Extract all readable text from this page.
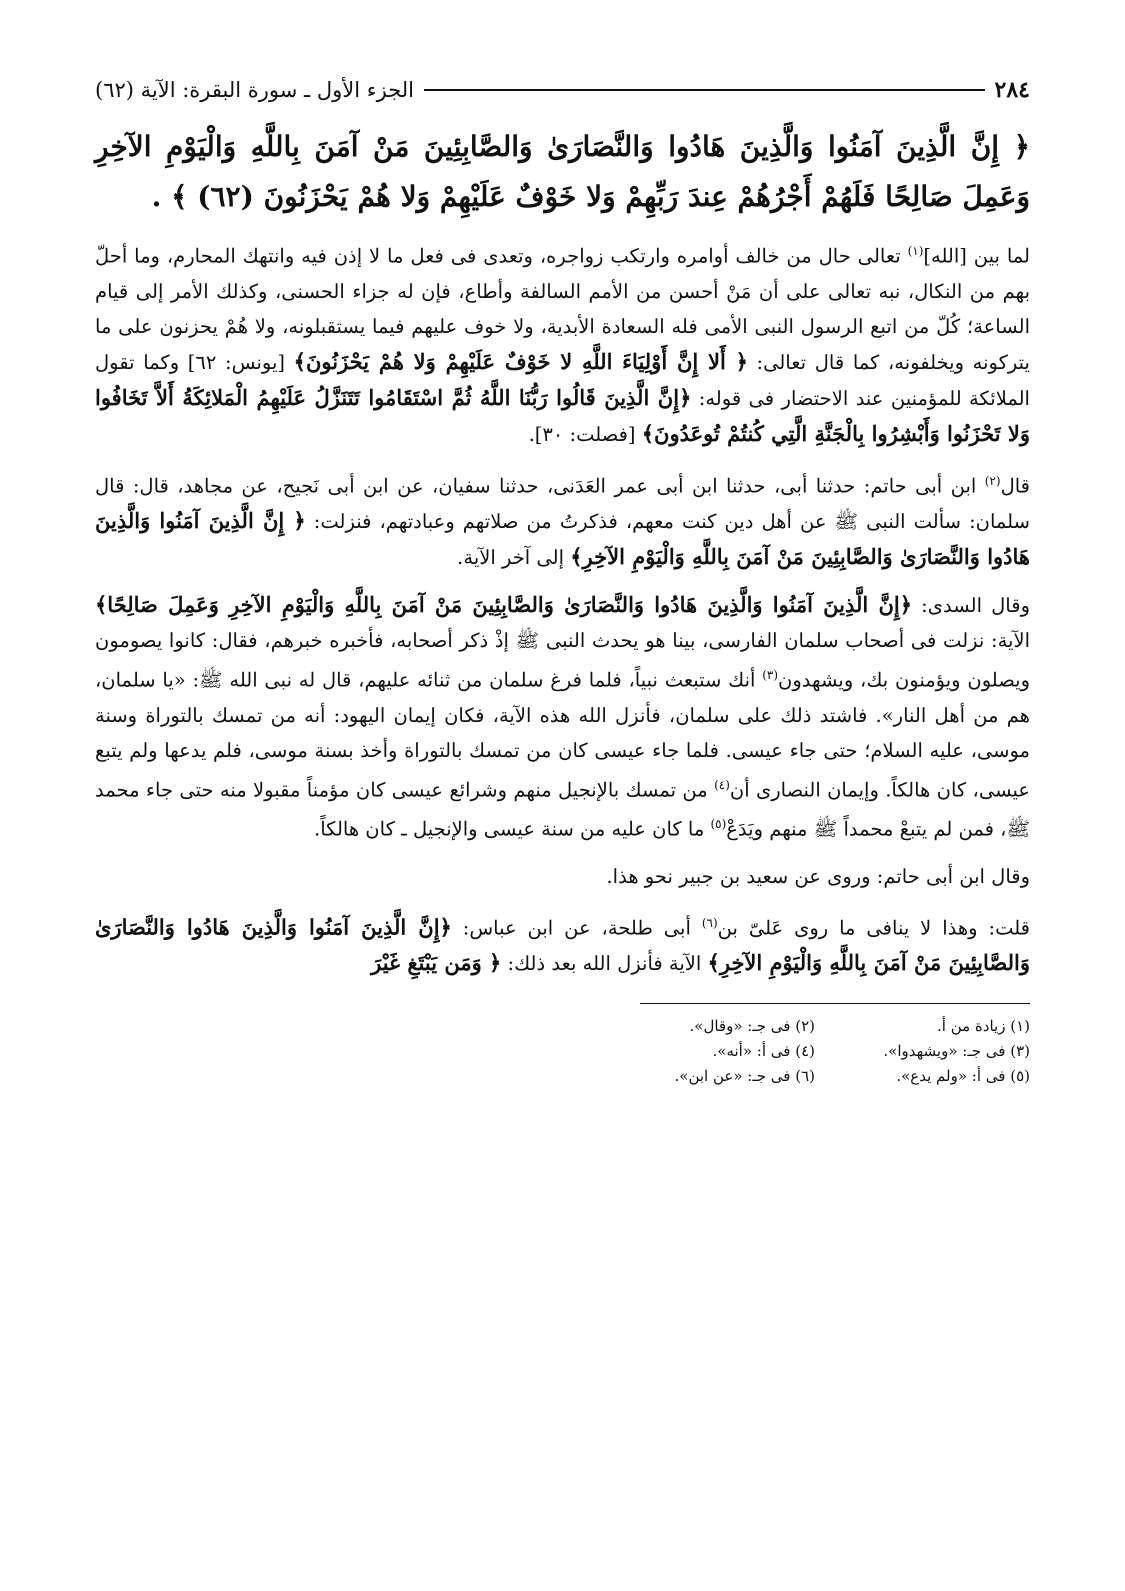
٢٨٤
الجزء الأول ـ سورة البقرة: الآية (٦٢)
﴿ إِنَّ الَّذِينَ آمَنُوا وَالَّذِينَ هَادُوا وَالنَّصَارَىٰ وَالصَّابِئِينَ مَنْ آمَنَ بِاللَّهِ وَالْيَوْمِ الآخِرِ وَعَمِلَ صَالِحًا فَلَهُمْ أَجْرُهُمْ عِندَ رَبِّهِمْ وَلا خَوْفٌ عَلَيْهِمْ وَلا هُمْ يَحْزَنُونَ (٦٢) ﴾ .

لما بين [الله]$^{(١)}$ تعالى حال من خالف أوامره وارتكب زواجره، وتعدى فى فعل ما لا إذن فيه وانتهك المحارم، وما أحلّ بهم من النكال، نبه تعالى على أن مَنْ أحسن من الأمم السالفة وأطاع، فإن له جزاء الحسنى، وكذلك الأمر إلى قيام الساعة؛ كُلّ من اتبع الرسول النبى الأمى فله السعادة الأبدية، ولا خوف عليهم فيما يستقبلونه، ولا هُمْ يحزنون على ما يتركونه ويخلفونه، كما قال تعالى: ﴿ أَلا إِنَّ أَوْلِيَاءَ اللَّهِ لا خَوْفٌ عَلَيْهِمْ وَلا هُمْ يَحْزَنُونَ﴾ [يونس: ٦٢] وكما تقول الملائكة للمؤمنين عند الاحتضار فى قوله: ﴿إِنَّ الَّذِينَ قَالُوا رَبُّنَا اللَّهُ ثُمَّ اسْتَقَامُوا تَتَنَزَّلُ عَلَيْهِمُ الْمَلائِكَةُ أَلاَّ تَخَافُوا وَلا تَحْزَنُوا وَأَبْشِرُوا بِالْجَنَّةِ الَّتِي كُنتُمْ تُوعَدُونَ﴾ [فصلت: ٣٠].

قال$^{(٢)}$ ابن أبى حاتم: حدثنا أبى، حدثنا ابن أبى عمر العَدَنى، حدثنا سفيان، عن ابن أبى نَجيح، عن مجاهد، قال: قال سلمان: سألت النبى ﷺ عن أهل دين كنت معهم، فذكرتُ من صلاتهم وعبادتهم، فنزلت: ﴿ إِنَّ الَّذِينَ آمَنُوا وَالَّذِينَ هَادُوا وَالنَّصَارَىٰ وَالصَّابِئِينَ مَنْ آمَنَ بِاللَّهِ وَالْيَوْمِ الآخِرِ﴾ إلى آخر الآية.

وقال السدى: ﴿إِنَّ الَّذِينَ آمَنُوا وَالَّذِينَ هَادُوا وَالنَّصَارَىٰ وَالصَّابِئِينَ مَنْ آمَنَ بِاللَّهِ وَالْيَوْمِ الآخِرِ وَعَمِلَ صَالِحًا﴾ الآية: نزلت فى أصحاب سلمان الفارسى، بينا هو يحدث النبى ﷺ إذْ ذكر أصحابه، فأخبره خبرهم، فقال: كانوا يصومون ويصلون ويؤمنون بك، ويشهدون$^{(٣)}$ أنك ستبعث نبياً، فلما فرغ سلمان من ثنائه عليهم، قال له نبى الله ﷺ: «يا سلمان، هم من أهل النار». فاشتد ذلك على سلمان، فأنزل الله هذه الآية، فكان إيمان اليهود: أنه من تمسك بالتوراة وسنة موسى، عليه السلام؛ حتى جاء عيسى. فلما جاء عيسى كان من تمسك بالتوراة وأخذ بسنة موسى، فلم يدعها ولم يتبع عيسى، كان هالكاً. وإيمان النصارى أن$^{(٤)}$ من تمسك بالإنجيل منهم وشرائع عيسى كان مؤمناً مقبولا منه حتى جاء محمد ﷺ، فمن لم يتبعْ محمداً ﷺ منهم ويَدَعْ$^{(٥)}$ ما كان عليه من سنة عيسى والإنجيل ـ كان هالكاً.

وقال ابن أبى حاتم: وروى عن سعيد بن جبير نحو هذا.

قلت: وهذا لا ينافى ما روى عَلىّ بن$^{(٦)}$ أبى طلحة، عن ابن عباس: ﴿إِنَّ الَّذِينَ آمَنُوا وَالَّذِينَ هَادُوا وَالنَّصَارَىٰ وَالصَّابِئِينَ مَنْ آمَنَ بِاللَّهِ وَالْيَوْمِ الآخِرِ﴾ الآية فأنزل الله بعد ذلك: ﴿ وَمَن يَبْتَغِ غَيْرَ

(١) زيادة من أ.
(٢) فى جـ: «وقال».
(٣) فى جـ: «ويشهدوا».
(٤) فى أ: «أنه».
(٥) فى أ: «ولم يدع».
(٦) فى جـ: «عن ابن».
